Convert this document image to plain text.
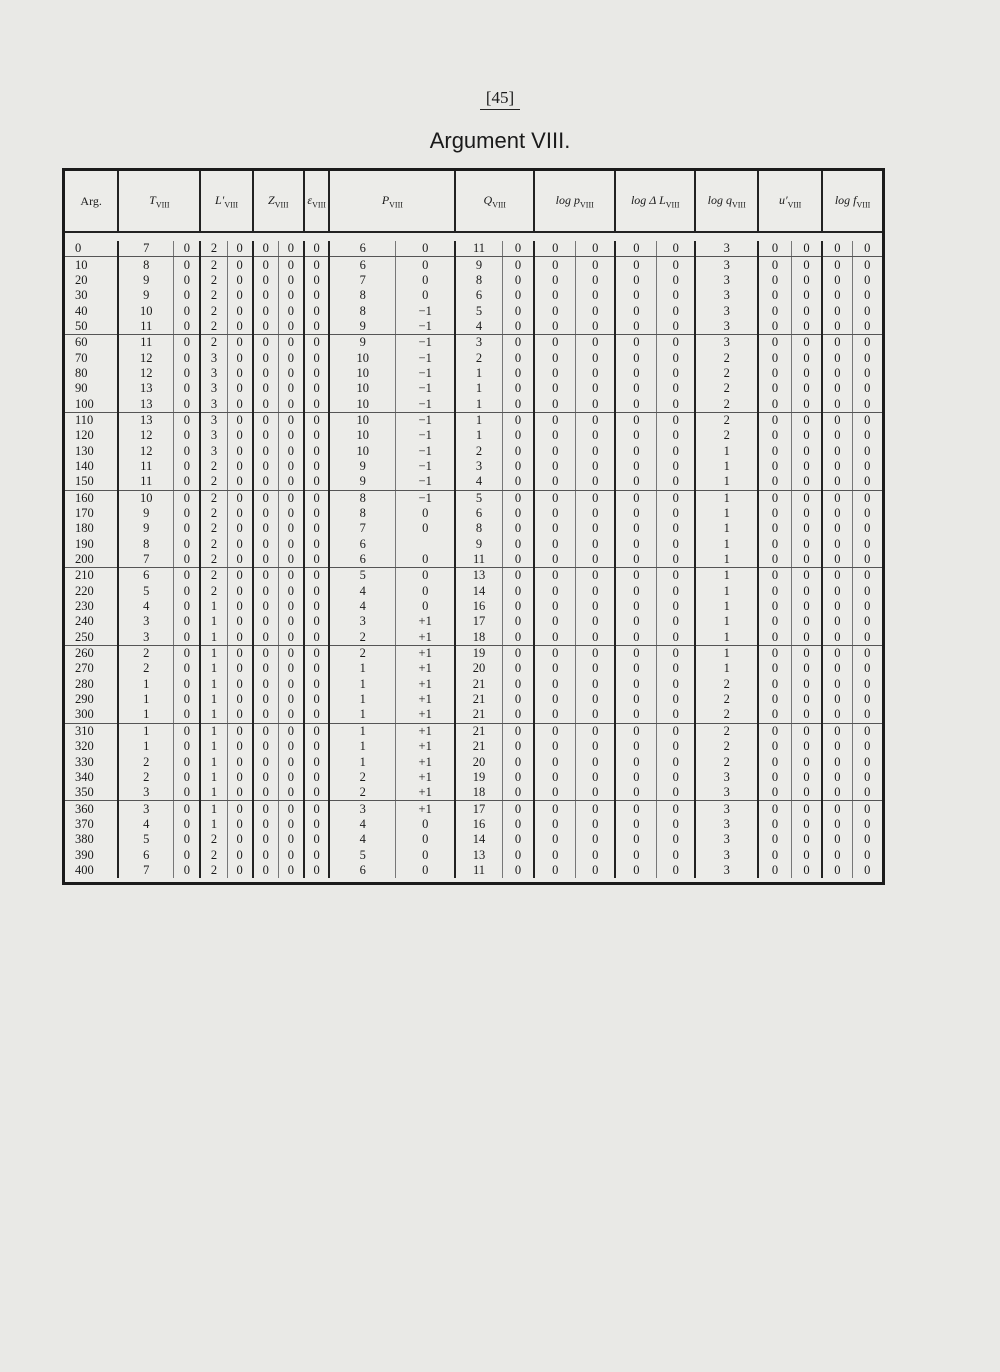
[45]
Argument VIII.
Arg.	$T_{VIII}$		$L'_{VIII}$		$Z_{VIII}$		$\varepsilon_{VIII}$	$P_{VIII}$		$Q_{VIII}$		$\log p_{VIII}$		log Δ $L_{VIII}$		$\log q_{VIII}$	$u'_{VIII}$		$\log f_{VIII}$

0	7	0	2	0	0	0	0	6	0	11	0	0	0	0	0	3	0	0	0	0
10	8	0	2	0	0	0	0	6	0	9	0	0	0	0	0	3	0	0	0	0
20	9	0	2	0	0	0	0	7	0	8	0	0	0	0	0	3	0	0	0	0
30	9	0	2	0	0	0	0	8	0	6	0	0	0	0	0	3	0	0	0	0
40	10	0	2	0	0	0	0	8	−1	5	0	0	0	0	0	3	0	0	0	0
50	11	0	2	0	0	0	0	9	−1	4	0	0	0	0	0	3	0	0	0	0
60	11	0	2	0	0	0	0	9	−1	3	0	0	0	0	0	3	0	0	0	0
70	12	0	3	0	0	0	0	10	−1	2	0	0	0	0	0	2	0	0	0	0
80	12	0	3	0	0	0	0	10	−1	1	0	0	0	0	0	2	0	0	0	0
90	13	0	3	0	0	0	0	10	−1	1	0	0	0	0	0	2	0	0	0	0
100	13	0	3	0	0	0	0	10	−1	1	0	0	0	0	0	2	0	0	0	0
110	13	0	3	0	0	0	0	10	−1	1	0	0	0	0	0	2	0	0	0	0
120	12	0	3	0	0	0	0	10	−1	1	0	0	0	0	0	2	0	0	0	0
130	12	0	3	0	0	0	0	10	−1	2	0	0	0	0	0	1	0	0	0	0
140	11	0	2	0	0	0	0	9	−1	3	0	0	0	0	0	1	0	0	0	0
150	11	0	2	0	0	0	0	9	−1	4	0	0	0	0	0	1	0	0	0	0
160	10	0	2	0	0	0	0	8	−1	5	0	0	0	0	0	1	0	0	0	0
170	9	0	2	0	0	0	0	8	0	6	0	0	0	0	0	1	0	0	0	0
180	9	0	2	0	0	0	0	7	0	8	0	0	0	0	0	1	0	0	0	0
190	8	0	2	0	0	0	0	6		9	0	0	0	0	0	1	0	0	0	0
200	7	0	2	0	0	0	0	6	0	11	0	0	0	0	0	1	0	0	0	0
210	6	0	2	0	0	0	0	5	0	13	0	0	0	0	0	1	0	0	0	0
220	5	0	2	0	0	0	0	4	0	14	0	0	0	0	0	1	0	0	0	0
230	4	0	1	0	0	0	0	4	0	16	0	0	0	0	0	1	0	0	0	0
240	3	0	1	0	0	0	0	3	+1	17	0	0	0	0	0	1	0	0	0	0
250	3	0	1	0	0	0	0	2	+1	18	0	0	0	0	0	1	0	0	0	0
260	2	0	1	0	0	0	0	2	+1	19	0	0	0	0	0	1	0	0	0	0
270	2	0	1	0	0	0	0	1	+1	20	0	0	0	0	0	1	0	0	0	0
280	1	0	1	0	0	0	0	1	+1	21	0	0	0	0	0	2	0	0	0	0
290	1	0	1	0	0	0	0	1	+1	21	0	0	0	0	0	2	0	0	0	0
300	1	0	1	0	0	0	0	1	+1	21	0	0	0	0	0	2	0	0	0	0
310	1	0	1	0	0	0	0	1	+1	21	0	0	0	0	0	2	0	0	0	0
320	1	0	1	0	0	0	0	1	+1	21	0	0	0	0	0	2	0	0	0	0
330	2	0	1	0	0	0	0	1	+1	20	0	0	0	0	0	2	0	0	0	0
340	2	0	1	0	0	0	0	2	+1	19	0	0	0	0	0	3	0	0	0	0
350	3	0	1	0	0	0	0	2	+1	18	0	0	0	0	0	3	0	0	0	0
360	3	0	1	0	0	0	0	3	+1	17	0	0	0	0	0	3	0	0	0	0
370	4	0	1	0	0	0	0	4	0	16	0	0	0	0	0	3	0	0	0	0
380	5	0	2	0	0	0	0	4	0	14	0	0	0	0	0	3	0	0	0	0
390	6	0	2	0	0	0	0	5	0	13	0	0	0	0	0	3	0	0	0	0
400	7	0	2	0	0	0	0	6	0	11	0	0	0	0	0	3	0	0	0	0
